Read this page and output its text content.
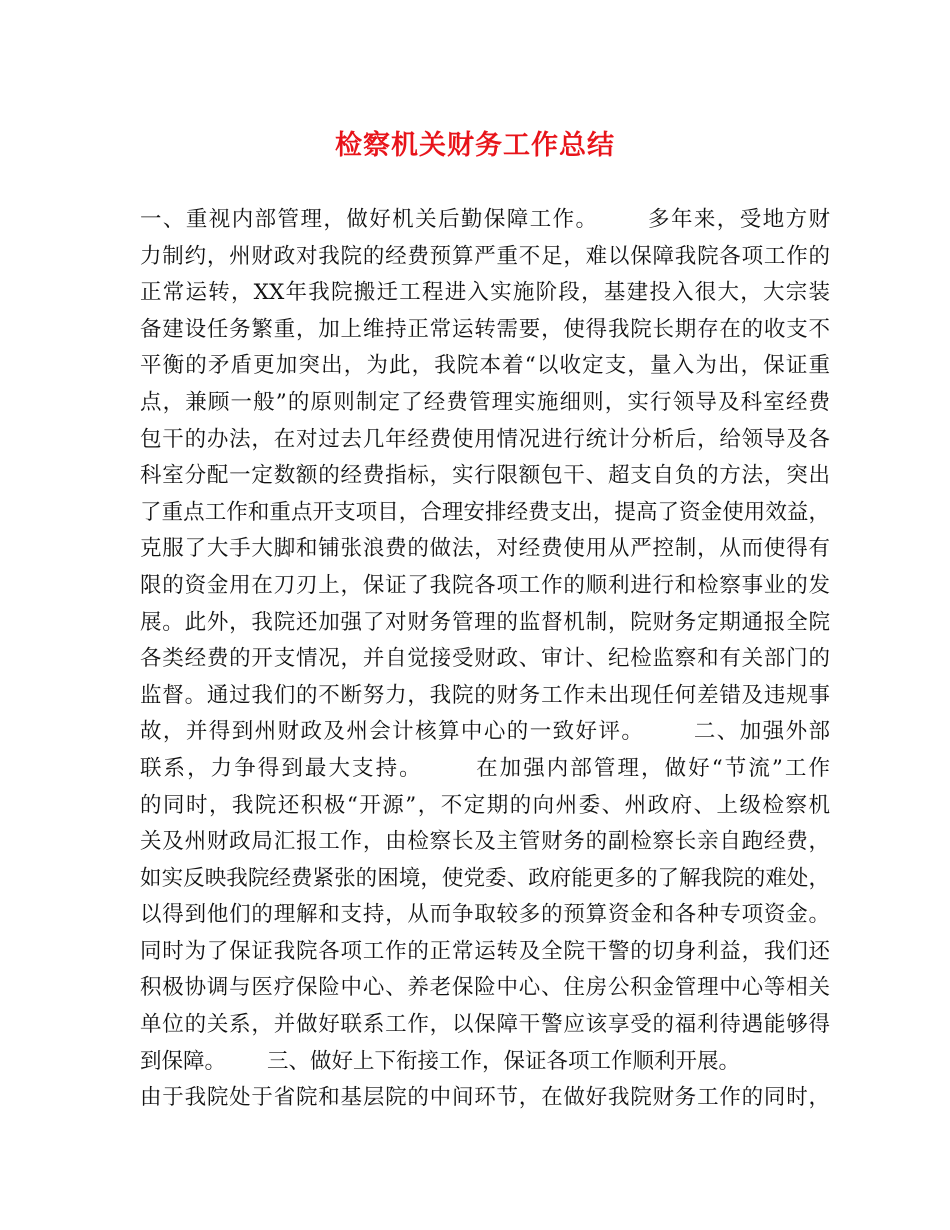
检察机关财务工作总结
一、重视内部管理，做好机关后勤保障工作。      多年来，受地方财
力制约，州财政对我院的经费预算严重不足，难以保障我院各项工作的
正常运转，XX年我院搬迁工程进入实施阶段，基建投入很大，大宗装
备建设任务繁重，加上维持正常运转需要，使得我院长期存在的收支不
平衡的矛盾更加突出，为此，我院本着“以收定支，量入为出，保证重
点，兼顾一般”的原则制定了经费管理实施细则，实行领导及科室经费
包干的办法，在对过去几年经费使用情况进行统计分析后，给领导及各
科室分配一定数额的经费指标，实行限额包干、超支自负的方法，突出
了重点工作和重点开支项目，合理安排经费支出，提高了资金使用效益，
克服了大手大脚和铺张浪费的做法，对经费使用从严控制，从而使得有
限的资金用在刀刃上，保证了我院各项工作的顺利进行和检察事业的发
展。此外，我院还加强了对财务管理的监督机制，院财务定期通报全院
各类经费的开支情况，并自觉接受财政、审计、纪检监察和有关部门的
监督。通过我们的不断努力，我院的财务工作未出现任何差错及违规事
故，并得到州财政及州会计核算中心的一致好评。      二、加强外部
联系，力争得到最大支持。      在加强内部管理，做好“节流”工作
的同时，我院还积极“开源”，不定期的向州委、州政府、上级检察机
关及州财政局汇报工作，由检察长及主管财务的副检察长亲自跑经费，
如实反映我院经费紧张的困境，使党委、政府能更多的了解我院的难处，
以得到他们的理解和支持，从而争取较多的预算资金和各种专项资金。
同时为了保证我院各项工作的正常运转及全院干警的切身利益，我们还
积极协调与医疗保险中心、养老保险中心、住房公积金管理中心等相关
单位的关系，并做好联系工作，以保障干警应该享受的福利待遇能够得
到保障。      三、做好上下衔接工作，保证各项工作顺利开展。
由于我院处于省院和基层院的中间环节，在做好我院财务工作的同时，
